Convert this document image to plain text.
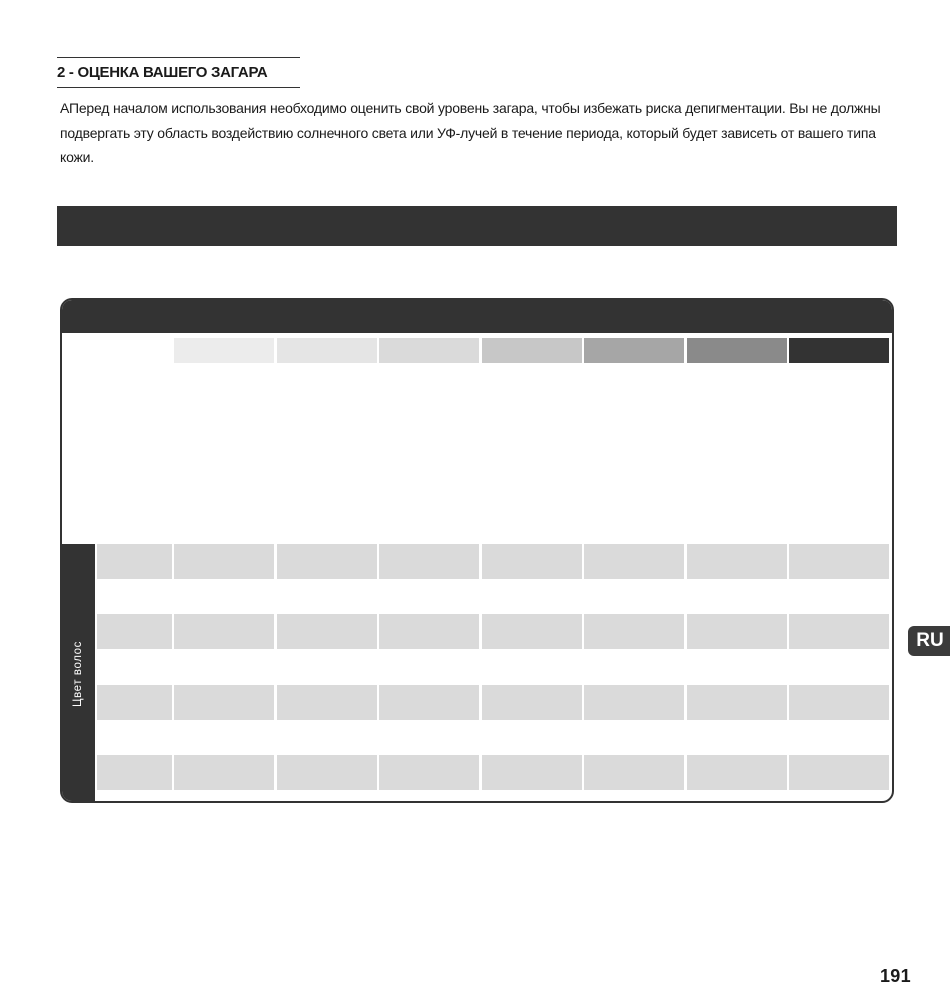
2 - ОЦЕНКА ВАШЕГО ЗАГАРА

АПеред началом использования необходимо оценить свой уровень загара, чтобы избежать риска депигментации. Вы не должны подвергать эту область воздействию солнечного света или УФ-лучей в течение периода, который будет зависеть от вашего типа кожи.

Цвет волос	RU
191
